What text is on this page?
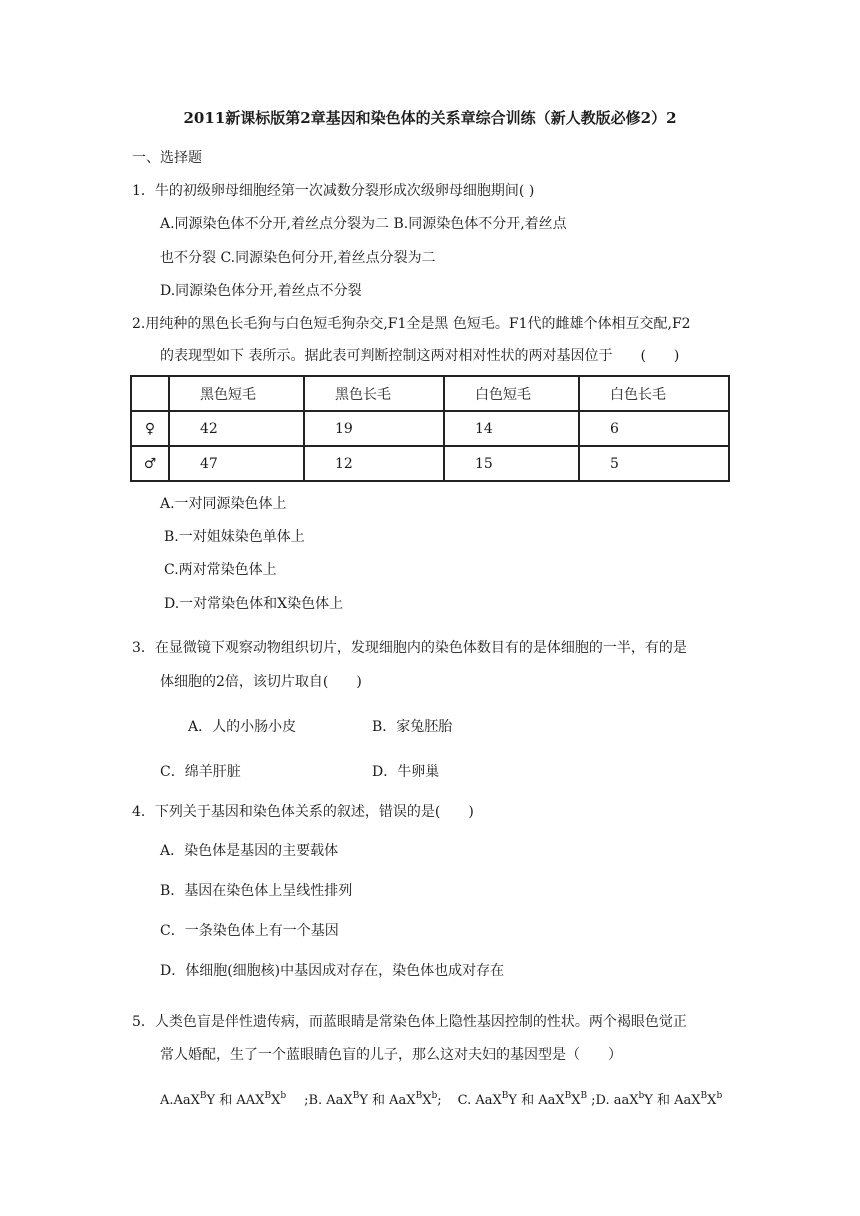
2011新课标版第2章基因和染色体的关系章综合训练（新人教版必修2）2
一、选择题
1．牛的初级卵母细胞经第一次减数分裂形成次级卵母细胞期间( )
A.同源染色体不分开,着丝点分裂为二 B.同源染色体不分开,着丝点
也不分裂 C.同源染色何分开,着丝点分裂为二
D.同源染色体分开,着丝点不分裂
2.用纯种的黑色长毛狗与白色短毛狗杂交,F1全是黑 色短毛。F1代的雌雄个体相互交配,F2
的表现型如下 表所示。据此表可判断控制这两对相对性状的两对基因位于　　(　　)
	黑色短毛	黑色长毛	白色短毛	白色长毛
♀	42	19	14	6
♂	47	12	15	5
A.一对同源染色体上
B.一对姐妹染色单体上
C.两对常染色体上
D.一对常染色体和X染色体上
3．在显微镜下观察动物组织切片，发现细胞内的染色体数目有的是体细胞的一半，有的是
体细胞的2倍，该切片取自(　　)
A．人的小肠小皮	B．家兔胚胎
C．绵羊肝脏	D．牛卵巢
4．下列关于基因和染色体关系的叙述，错误的是(　　)
A．染色体是基因的主要载体
B．基因在染色体上呈线性排列
C．一条染色体上有一个基因
D．体细胞(细胞核)中基因成对存在，染色体也成对存在
5．人类色盲是伴性遗传病，而蓝眼睛是常染色体上隐性基因控制的性状。两个褐眼色觉正
常人婚配，生了一个蓝眼睛色盲的儿子，那么这对夫妇的基因型是（　　）
A.AaX$^B$Y 和 $AAX^BX^b$ ;B. AaX$^B$Y 和 $AaX^BX^b$; C. AaX$^B$Y 和 $AaX^BX^B$ ;D. aaX$^b$Y 和 $AaX^BX^b$
